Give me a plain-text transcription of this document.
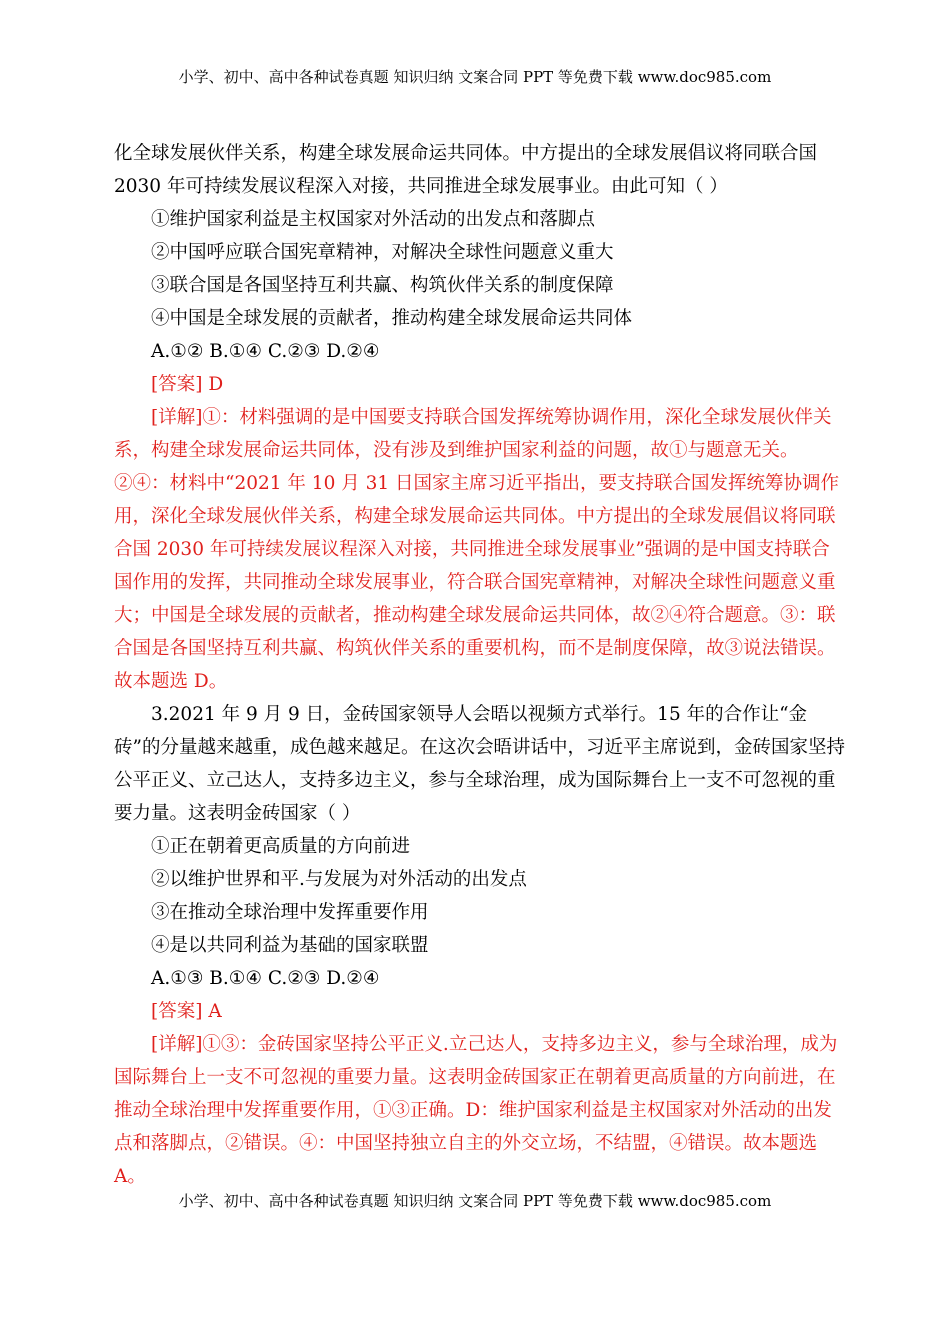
小学、初中、高中各种试卷真题 知识归纳 文案合同 PPT 等免费下载 www.doc985.com

化全球发展伙伴关系，构建全球发展命运共同体。中方提出的全球发展倡议将同联合国 2030 年可持续发展议程深入对接，共同推进全球发展事业。由此可知（ ）

①维护国家利益是主权国家对外活动的出发点和落脚点

②中国呼应联合国宪章精神，对解决全球性问题意义重大

③联合国是各国坚持互利共赢、构筑伙伴关系的制度保障

④中国是全球发展的贡献者，推动构建全球发展命运共同体

A.①② B.①④ C.②③ D.②④

[答案] D

[详解]①：材料强调的是中国要支持联合国发挥统筹协调作用，深化全球发展伙伴关系，构建全球发展命运共同体，没有涉及到维护国家利益的问题，故①与题意无关。②④：材料中“2021 年 10 月 31 日国家主席习近平指出，要支持联合国发挥统筹协调作用，深化全球发展伙伴关系，构建全球发展命运共同体。中方提出的全球发展倡议将同联合国 2030 年可持续发展议程深入对接，共同推进全球发展事业”强调的是中国支持联合国作用的发挥，共同推动全球发展事业，符合联合国宪章精神，对解决全球性问题意义重大；中国是全球发展的贡献者，推动构建全球发展命运共同体，故②④符合题意。③：联合国是各国坚持互利共赢、构筑伙伴关系的重要机构，而不是制度保障，故③说法错误。故本题选 D。

3.2021 年 9 月 9 日，金砖国家领导人会晤以视频方式举行。15 年的合作让“金砖”的分量越来越重，成色越来越足。在这次会晤讲话中，习近平主席说到，金砖国家坚持公平正义、立己达人，支持多边主义，参与全球治理，成为国际舞台上一支不可忽视的重要力量。这表明金砖国家（ ）

①正在朝着更高质量的方向前进

②以维护世界和平.与发展为对外活动的出发点

③在推动全球治理中发挥重要作用

④是以共同利益为基础的国家联盟

A.①③ B.①④ C.②③ D.②④

[答案] A

[详解]①③：金砖国家坚持公平正义.立己达人，支持多边主义，参与全球治理，成为国际舞台上一支不可忽视的重要力量。这表明金砖国家正在朝着更高质量的方向前进，在推动全球治理中发挥重要作用，①③正确。D：维护国家利益是主权国家对外活动的出发点和落脚点，②错误。④：中国坚持独立自主的外交立场，不结盟，④错误。故本题选 A。

小学、初中、高中各种试卷真题 知识归纳 文案合同 PPT 等免费下载 www.doc985.com
